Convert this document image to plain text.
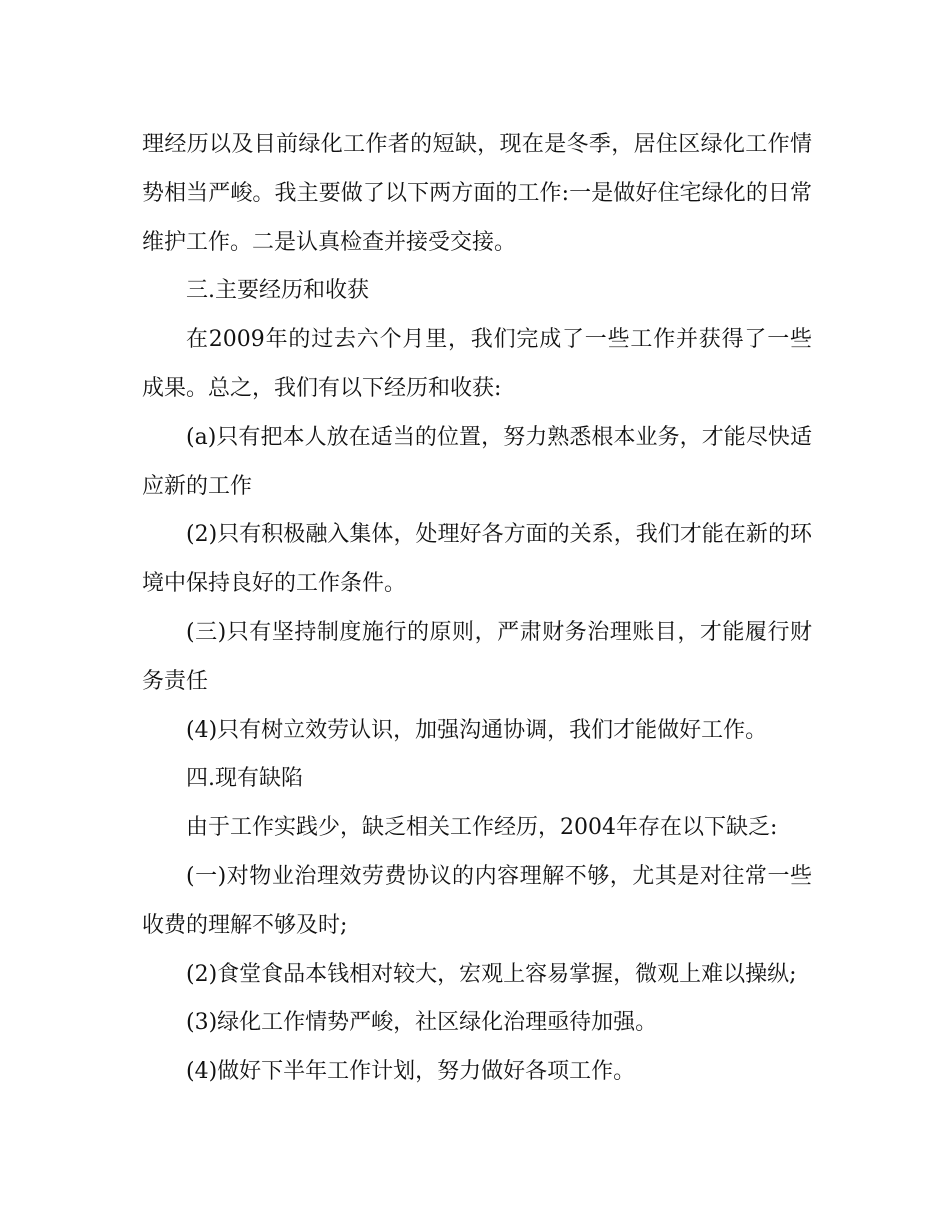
理经历以及目前绿化工作者的短缺，现在是冬季，居住区绿化工作情势相当严峻。我主要做了以下两方面的工作:一是做好住宅绿化的日常维护工作。二是认真检查并接受交接。

三.主要经历和收获

在2009年的过去六个月里，我们完成了一些工作并获得了一些成果。总之，我们有以下经历和收获:

(a)只有把本人放在适当的位置，努力熟悉根本业务，才能尽快适应新的工作

(2)只有积极融入集体，处理好各方面的关系，我们才能在新的环境中保持良好的工作条件。

(三)只有坚持制度施行的原则，严肃财务治理账目，才能履行财务责任

(4)只有树立效劳认识，加强沟通协调，我们才能做好工作。

四.现有缺陷

由于工作实践少，缺乏相关工作经历，2004年存在以下缺乏:

(一)对物业治理效劳费协议的内容理解不够，尤其是对往常一些收费的理解不够及时;

(2)食堂食品本钱相对较大，宏观上容易掌握，微观上难以操纵;

(3)绿化工作情势严峻，社区绿化治理亟待加强。

(4)做好下半年工作计划，努力做好各项工作。
